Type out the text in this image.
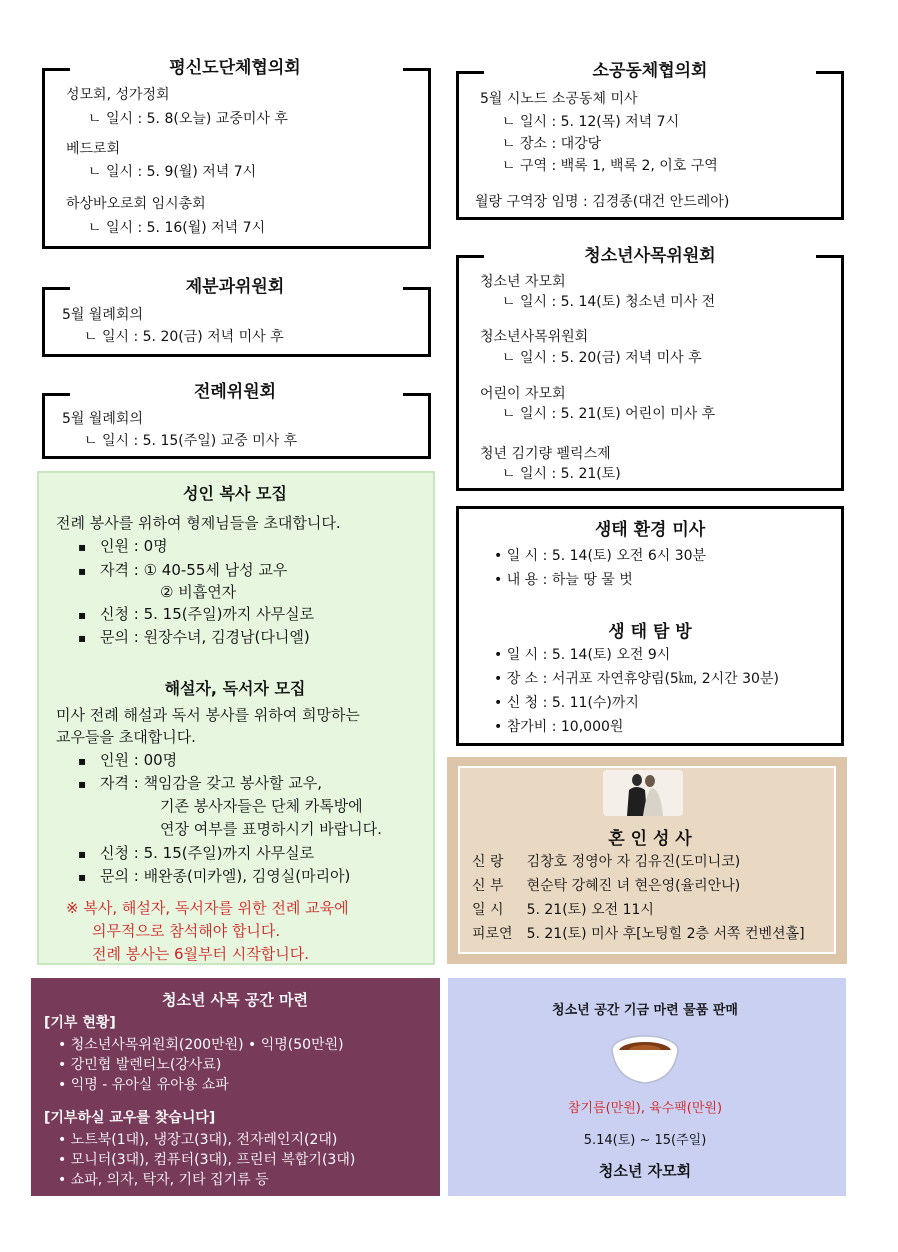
평신도단체협의회
성모회, 성가정회
ㄴ 일시 : 5. 8(오늘) 교중미사 후
베드로회
ㄴ 일시 : 5. 9(월) 저녁 7시
하상바오로회 임시총회
ㄴ 일시 : 5. 16(월) 저녁 7시
제분과위원회
5월 월례회의
ㄴ 일시 : 5. 20(금) 저녁 미사 후
전례위원회
5월 월례회의
ㄴ 일시 : 5. 15(주일) 교중 미사 후
소공동체협의회
5월 시노드 소공동체 미사
ㄴ 일시 : 5. 12(목) 저녁 7시
ㄴ 장소 : 대강당
ㄴ 구역 : 백록 1, 백록 2, 이호 구역
월랑 구역장 임명 : 김경종(대건 안드레아)
청소년사목위원회
청소년 자모회
ㄴ 일시 : 5. 14(토) 청소년 미사 전
청소년사목위원회
ㄴ 일시 : 5. 20(금) 저녁 미사 후
어린이 자모회
ㄴ 일시 : 5. 21(토) 어린이 미사 후
청년 김기량 펠릭스제
ㄴ 일시 : 5. 21(토)
성인 복사 모집
전례 봉사를 위하여 형제님들을 초대합니다.
▪ 인원 : 0명
▪ 자격 : ① 40-55세 남성 교우
② 비흡연자
▪ 신청 : 5. 15(주일)까지 사무실로
▪ 문의 : 원장수녀, 김경남(다니엘)
해설자, 독서자 모집
미사 전례 해설과 독서 봉사를 위하여 희망하는
교우들을 초대합니다.
▪ 인원 : 00명
▪ 자격 : 책임감을 갖고 봉사할 교우,
기존 봉사자들은 단체 카톡방에
연장 여부를 표명하시기 바랍니다.
▪ 신청 : 5. 15(주일)까지 사무실로
▪ 문의 : 배완종(미카엘), 김영실(마리아)
※ 복사, 해설자, 독서자를 위한 전례 교육에
의무적으로 참석해야 합니다.
전례 봉사는 6월부터 시작합니다.
생태 환경 미사
• 일 시 : 5. 14(토) 오전 6시 30분
• 내 용 : 하늘 땅 물 벗
생 태 탐 방
• 일 시 : 5. 14(토) 오전 9시
• 장 소 : 서귀포 자연휴양림(5㎞, 2시간 30분)
• 신 청 : 5. 11(수)까지
• 참가비 : 10,000원
혼 인 성 사
신 랑	김창호 정영아 자 김유진(도미니코)
신 부	현순탁 강혜진 녀 현은영(율리안나)
일 시	5. 21(토) 오전 11시
피로연	5. 21(토) 미사 후[노팅힐 2층 서쪽 컨벤션홀]
청소년 사목 공간 마련
[기부 현황]
• 청소년사목위원회(200만원) • 익명(50만원)
• 강민협 발렌티노(강사료)
• 익명 - 유아실 유아용 쇼파
[기부하실 교우를 찾습니다]
• 노트북(1대), 냉장고(3대), 전자레인지(2대)
• 모니터(3대), 컴퓨터(3대), 프린터 복합기(3대)
• 쇼파, 의자, 탁자, 기타 집기류 등
청소년 공간 기금 마련 물품 판매
참기름(만원), 육수팩(만원)
5.14(토) ~ 15(주일)
청소년 자모회
